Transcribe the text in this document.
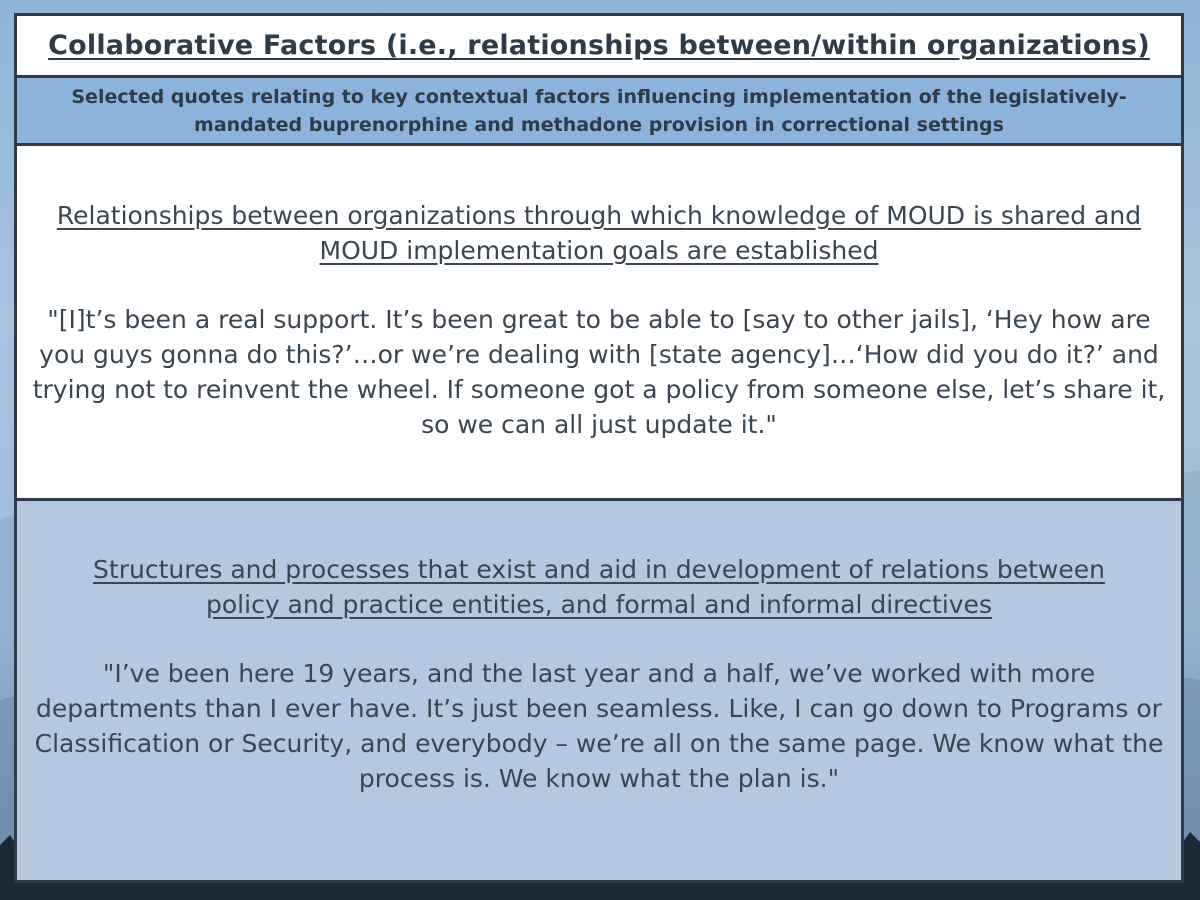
Collaborative Factors (i.e., relationships between/within organizations)
Selected quotes relating to key contextual factors influencing implementation of the legislatively-mandated buprenorphine and methadone provision in correctional settings
Relationships between organizations through which knowledge of MOUD is shared and MOUD implementation goals are established
"[I]t’s been a real support. It’s been great to be able to [say to other jails], ‘Hey how are you guys gonna do this?’…or we’re dealing with [state agency]…‘How did you do it?’ and trying not to reinvent the wheel. If someone got a policy from someone else, let’s share it, so we can all just update it."
Structures and processes that exist and aid in development of relations between policy and practice entities, and formal and informal directives
"I’ve been here 19 years, and the last year and a half, we’ve worked with more departments than I ever have. It’s just been seamless. Like, I can go down to Programs or Classification or Security, and everybody – we’re all on the same page. We know what the process is. We know what the plan is."
